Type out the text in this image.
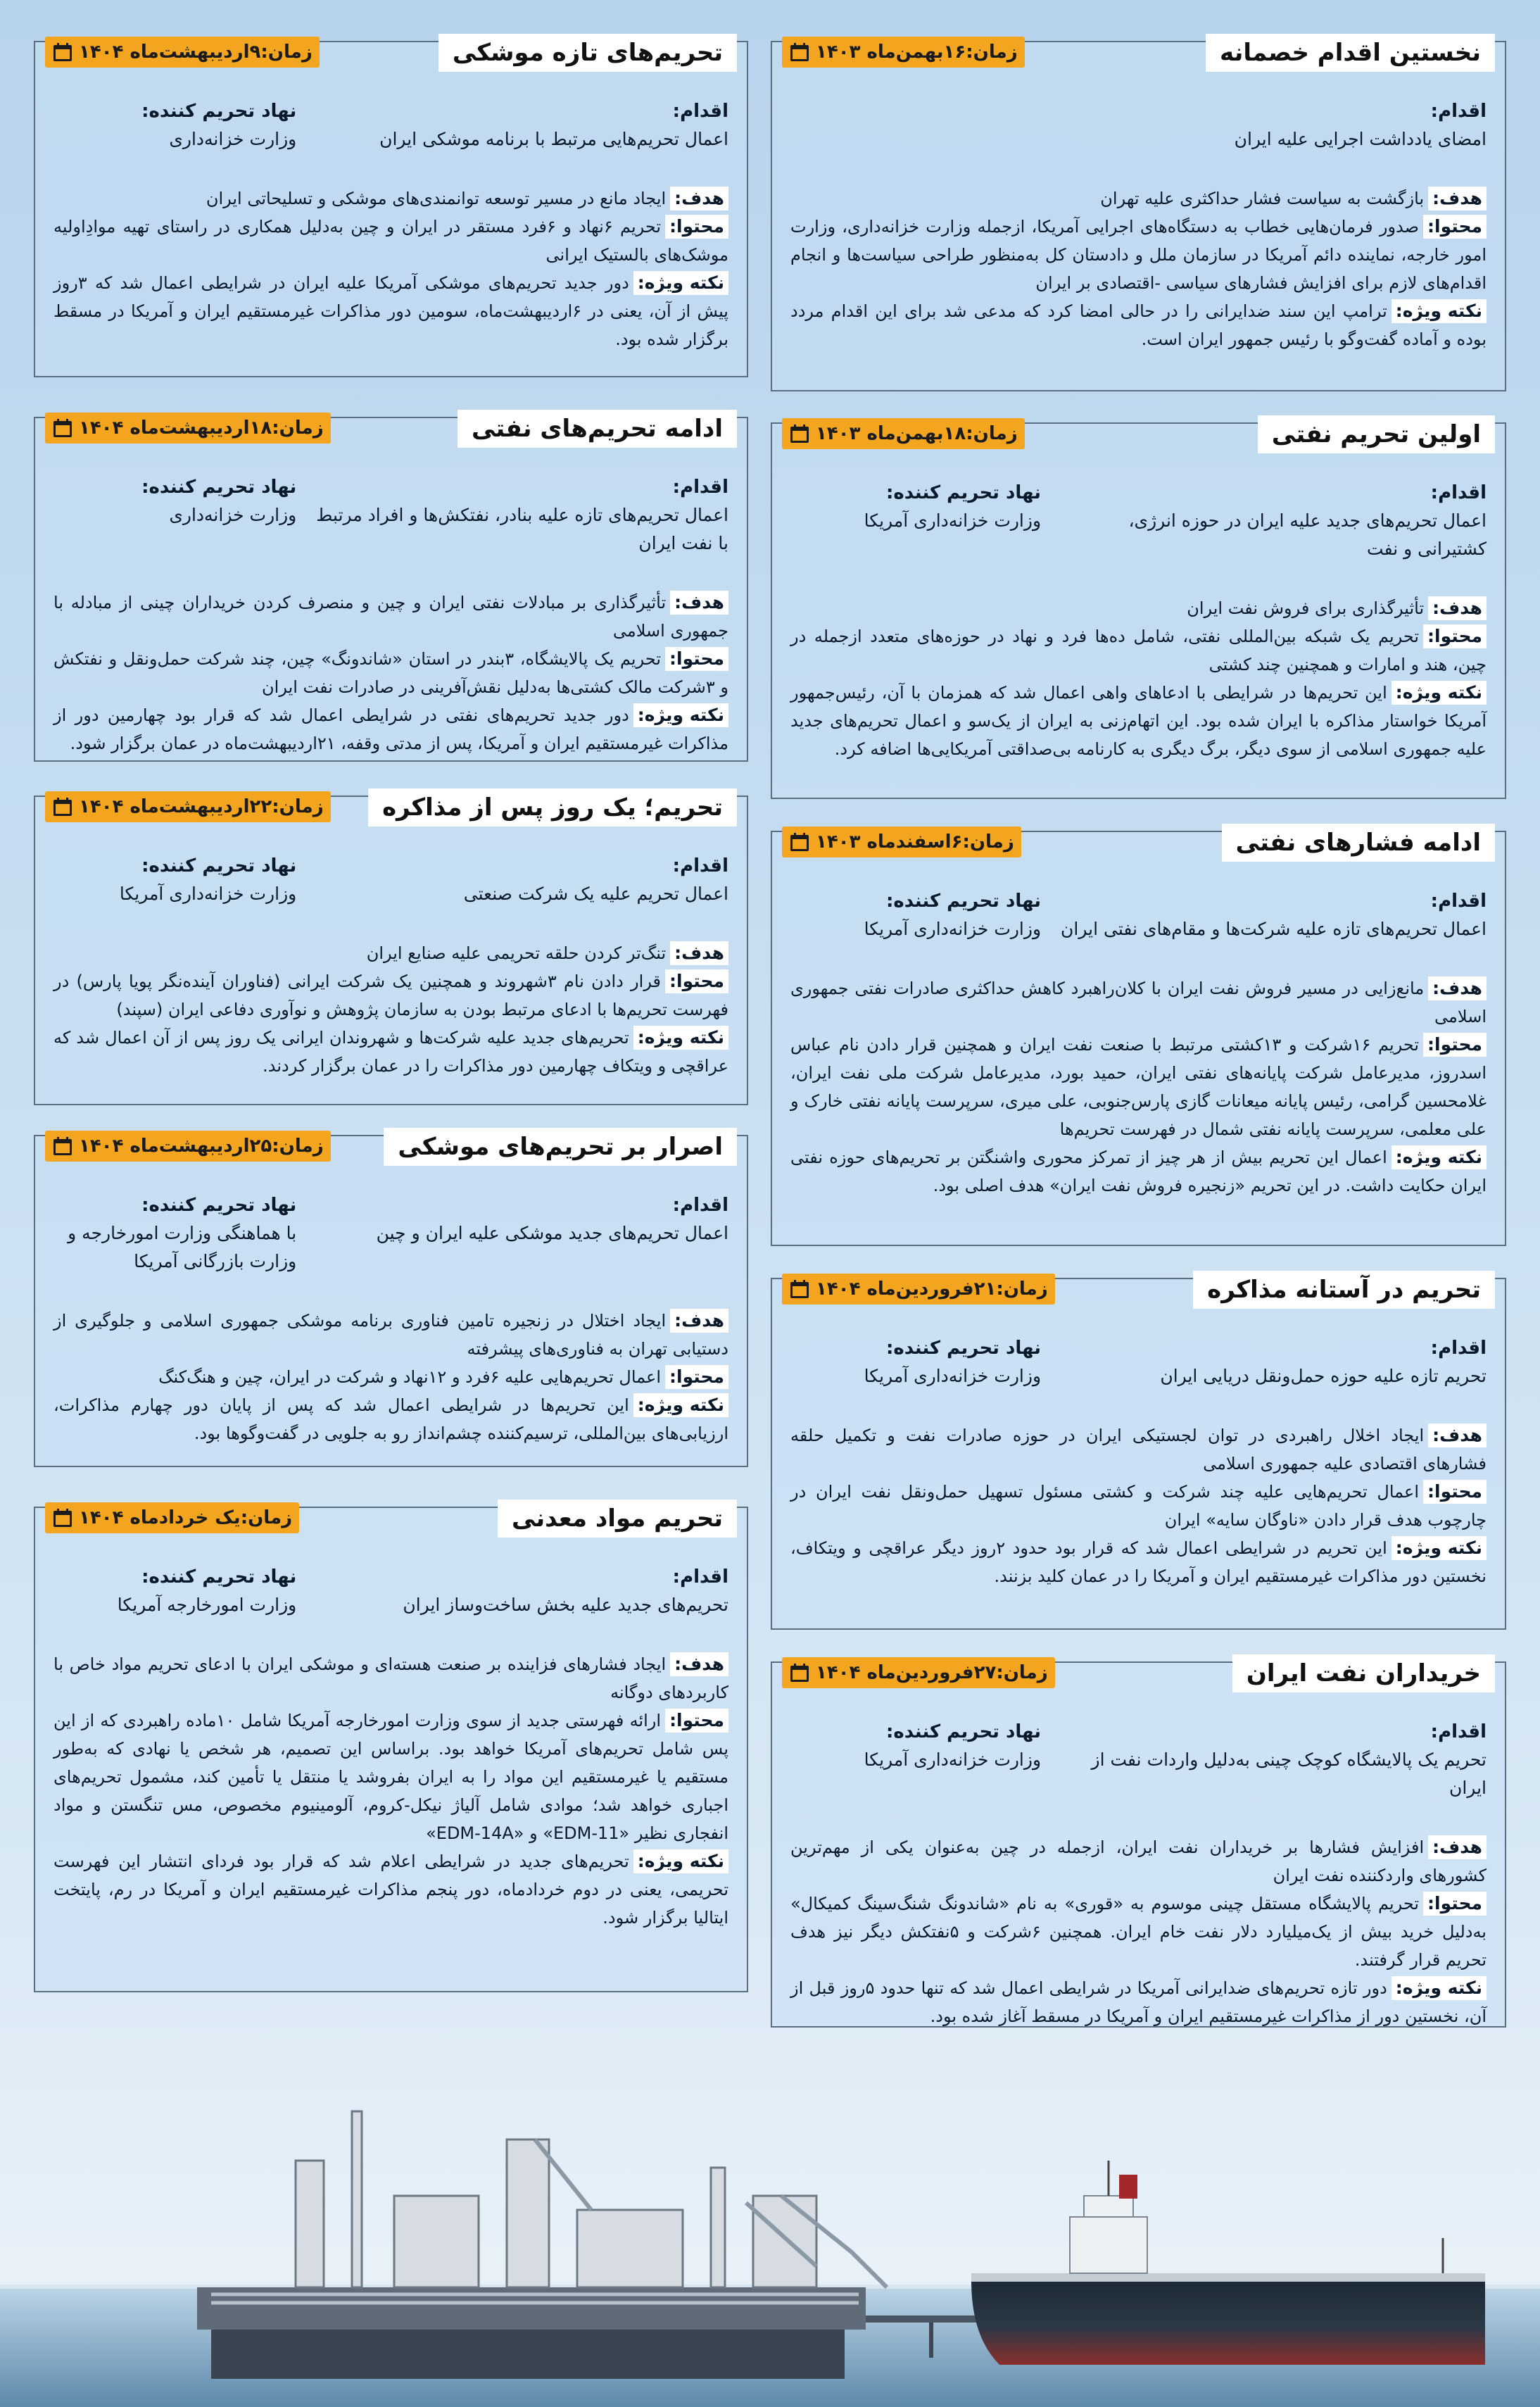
نخستین اقدام خصمانه
زمان:۱۶بهمن‌ماه ۱۴۰۳
اقدام:
امضای یادداشت اجرایی علیه ایران

هدف:بازگشت به سیاست فشار حداکثری علیه تهران

محتوا:صدور فرمان‌هایی خطاب به دستگاه‌های اجرایی آمریکا، ازجمله وزارت خزانه‌داری، وزارت امور خارجه، نماینده دائم آمریکا در سازمان ملل و دادستان کل به‌منظور طراحی سیاست‌ها و انجام اقدام‌های لازم برای افزایش فشارهای سیاسی -اقتصادی بر ایران

نکته ویژه:ترامپ این سند ضدایرانی را در حالی امضا کرد که مدعی شد برای این اقدام مردد بوده و آماده گفت‌وگو با رئیس جمهور ایران است.

اولین تحریم نفتی
زمان:۱۸بهمن‌ماه ۱۴۰۳
اقدام:
اعمال تحریم‌های جدید علیه ایران در حوزه انرژی، کشتیرانی و نفت
نهاد تحریم کننده:
وزارت خزانه‌داری آمریکا

هدف:تأثیرگذاری برای فروش نفت ایران

محتوا:تحریم یک شبکه بین‌المللی نفتی، شامل ده‌ها فرد و نهاد در حوزه‌های متعدد ازجمله در چین، هند و امارات و همچنین چند کشتی

نکته ویژه:این تحریم‌ها در شرایطی با ادعاهای واهی اعمال شد که همزمان با آن، رئیس‌جمهور آمریکا خواستار مذاکره با ایران شده بود. این اتهام‌زنی به ایران از یک‌سو و اعمال تحریم‌های جدید علیه جمهوری اسلامی از سوی دیگر، برگ دیگری به کارنامه بی‌صداقتی آمریکایی‌ها اضافه کرد.

ادامه فشارهای نفتی
زمان:۶اسفندماه ۱۴۰۳
اقدام:
اعمال تحریم‌های تازه علیه شرکت‌ها و مقام‌های نفتی ایران
نهاد تحریم کننده:
وزارت خزانه‌داری آمریکا

هدف:مانع‌زایی در مسیر فروش نفت ایران با کلان‌راهبرد کاهش حداکثری صادرات نفتی جمهوری اسلامی

محتوا:تحریم ۱۶شرکت و ۱۳کشتی مرتبط با صنعت نفت ایران و همچنین قرار دادن نام عباس اسدروز، مدیرعامل شرکت پایانه‌های نفتی ایران، حمید بورد، مدیرعامل شرکت ملی نفت ایران، غلامحسین گرامی، رئیس پایانه میعانات گازی پارس‌جنوبی، علی میری، سرپرست پایانه نفتی خارک و علی معلمی، سرپرست پایانه نفتی شمال در فهرست تحریم‌ها

نکته ویژه:اعمال این تحریم بیش از هر چیز از تمرکز محوری واشنگتن بر تحریم‌های حوزه نفتی ایران حکایت داشت. در این تحریم «زنجیره فروش نفت ایران» هدف اصلی بود.

تحریم در آستانه مذاکره
زمان:۲۱فروردین‌ماه ۱۴۰۴
اقدام:
تحریم تازه علیه حوزه حمل‌ونقل دریایی ایران
نهاد تحریم کننده:
وزارت خزانه‌داری آمریکا

هدف:ایجاد اخلال راهبردی در توان لجستیکی ایران در حوزه صادرات نفت و تکمیل حلقه فشارهای اقتصادی علیه جمهوری اسلامی

محتوا:اعمال تحریم‌هایی علیه چند شرکت و کشتی مسئول تسهیل حمل‌ونقل نفت ایران در چارچوب هدف قرار دادن «ناوگان سایه» ایران

نکته ویژه:این تحریم در شرایطی اعمال شد که قرار بود حدود ۲روز دیگر عراقچی و ویتکاف، نخستین دور مذاکرات غیرمستقیم ایران و آمریکا را در عمان کلید بزنند.

خریداران نفت ایران
زمان:۲۷فروردین‌ماه ۱۴۰۴
اقدام:
تحریم یک پالایشگاه کوچک چینی به‌دلیل واردات نفت از ایران
نهاد تحریم کننده:
وزارت خزانه‌داری آمریکا

هدف:افزایش فشارها بر خریداران نفت ایران، ازجمله در چین به‌عنوان یکی از مهم‌ترین کشورهای واردکننده نفت ایران

محتوا:تحریم پالایشگاه مستقل چینی موسوم به «قوری» به نام «شاندونگ شنگ‌سینگ کمیکال» به‌دلیل خرید بیش از یک‌میلیارد دلار نفت خام ایران. همچنین ۶شرکت و ۵نفتکش دیگر نیز هدف تحریم قرار گرفتند.

نکته ویژه:دور تازه تحریم‌های ضدایرانی آمریکا در شرایطی اعمال شد که تنها حدود ۵روز قبل از آن، نخستین دور از مذاکرات غیرمستقیم ایران و آمریکا در مسقط آغاز شده بود.

تحریم‌های تازه موشکی
زمان:۹اردیبهشت‌ماه ۱۴۰۴
اقدام:
اعمال تحریم‌هایی مرتبط با برنامه موشکی ایران
نهاد تحریم کننده:
وزارت خزانه‌داری

هدف:ایجاد مانع در مسیر توسعه توانمندی‌های موشکی و تسلیحاتی ایران

محتوا:تحریم ۶نهاد و ۶فرد مستقر در ایران و چین به‌دلیل همکاری در راستای تهیه موادِاولیه موشک‌های بالستیک ایرانی

نکته ویژه:دور جدید تحریم‌های موشکی آمریکا علیه ایران در شرایطی اعمال شد که ۳روز پیش از آن، یعنی در ۶اردیبهشت‌ماه، سومین دور مذاکرات غیرمستقیم ایران و آمریکا در مسقط برگزار شده بود.

ادامه تحریم‌های نفتی
زمان:۱۸اردیبهشت‌ماه ۱۴۰۴
اقدام:
اعمال تحریم‌های تازه علیه بنادر، نفتکش‌ها و افراد مرتبط با نفت ایران
نهاد تحریم کننده:
وزارت خزانه‌داری

هدف:تأثیرگذاری بر مبادلات نفتی ایران و چین و منصرف کردن خریداران چینی از مبادله با جمهوری اسلامی

محتوا:تحریم یک پالایشگاه، ۳بندر در استان «شاندونگ» چین، چند شرکت حمل‌ونقل و نفتکش و ۳شرکت مالک کشتی‌ها به‌دلیل نقش‌آفرینی در صادرات نفت ایران

نکته ویژه:دور جدید تحریم‌های نفتی در شرایطی اعمال شد که قرار بود چهارمین دور از مذاکرات غیرمستقیم ایران و آمریکا، پس از مدتی وقفه، ۲۱اردیبهشت‌ماه در عمان برگزار شود.

تحریم؛ یک روز پس از مذاکره
زمان:۲۲اردیبهشت‌ماه ۱۴۰۴
اقدام:
اعمال تحریم علیه یک شرکت صنعتی
نهاد تحریم کننده:
وزارت خزانه‌داری آمریکا

هدف:تنگ‌تر کردن حلقه تحریمی علیه صنایع ایران

محتوا:قرار دادن نام ۳شهروند و همچنین یک شرکت ایرانی (فناوران آینده‌نگر پویا پارس) در فهرست تحریم‌ها با ادعای مرتبط بودن به سازمان پژوهش و نوآوری دفاعی ایران (سپند)

نکته ویژه:تحریم‌های جدید علیه شرکت‌ها و شهروندان ایرانی یک روز پس از آن اعمال شد که عراقچی و ویتکاف چهارمین دور مذاکرات را در عمان برگزار کردند.

اصرار بر تحریم‌های موشکی
زمان:۲۵اردیبهشت‌ماه ۱۴۰۴
اقدام:
اعمال تحریم‌های جدید موشکی علیه ایران و چین
نهاد تحریم کننده:
با هماهنگی وزارت امورخارجه و وزارت بازرگانی آمریکا

هدف:ایجاد اختلال در زنجیره تامین فناوری برنامه موشکی جمهوری اسلامی و جلوگیری از دستیابی تهران به فناوری‌های پیشرفته

محتوا:اعمال تحریم‌هایی علیه ۶فرد و ۱۲نهاد و شرکت در ایران، چین و هنگ‌کنگ

نکته ویژه:این تحریم‌ها در شرایطی اعمال شد که پس از پایان دور چهارم مذاکرات، ارزیابی‌های بین‌المللی، ترسیم‌کننده چشم‌انداز رو به جلویی در گفت‌وگوها بود.

تحریم مواد معدنی
زمان:یک خردادماه ۱۴۰۴
اقدام:
تحریم‌های جدید علیه بخش ساخت‌وساز ایران
نهاد تحریم کننده:
وزارت امورخارجه آمریکا

هدف:ایجاد فشارهای فزاینده بر صنعت هسته‌ای و موشکی ایران با ادعای تحریم مواد خاص با کاربردهای دوگانه

محتوا:ارائه فهرستی جدید از سوی وزارت امورخارجه آمریکا شامل ۱۰ماده راهبردی که از این پس شامل تحریم‌های آمریکا خواهد بود. براساس این تصمیم، هر شخص یا نهادی که به‌طور مستقیم یا غیرمستقیم این مواد را به ایران بفروشد یا منتقل یا تأمین کند، مشمول تحریم‌های اجباری خواهد شد؛ موادی شامل آلیاژ نیکل-کروم، آلومینیوم مخصوص، مس تنگستن و مواد انفجاری نظیر «EDM-11» و «EDM-14A»

نکته ویژه:تحریم‌های جدید در شرایطی اعلام شد که قرار بود فردای انتشار این فهرست تحریمی، یعنی در دوم خردادماه، دور پنجم مذاکرات غیرمستقیم ایران و آمریکا در رم، پایتخت ایتالیا برگزار شود.
